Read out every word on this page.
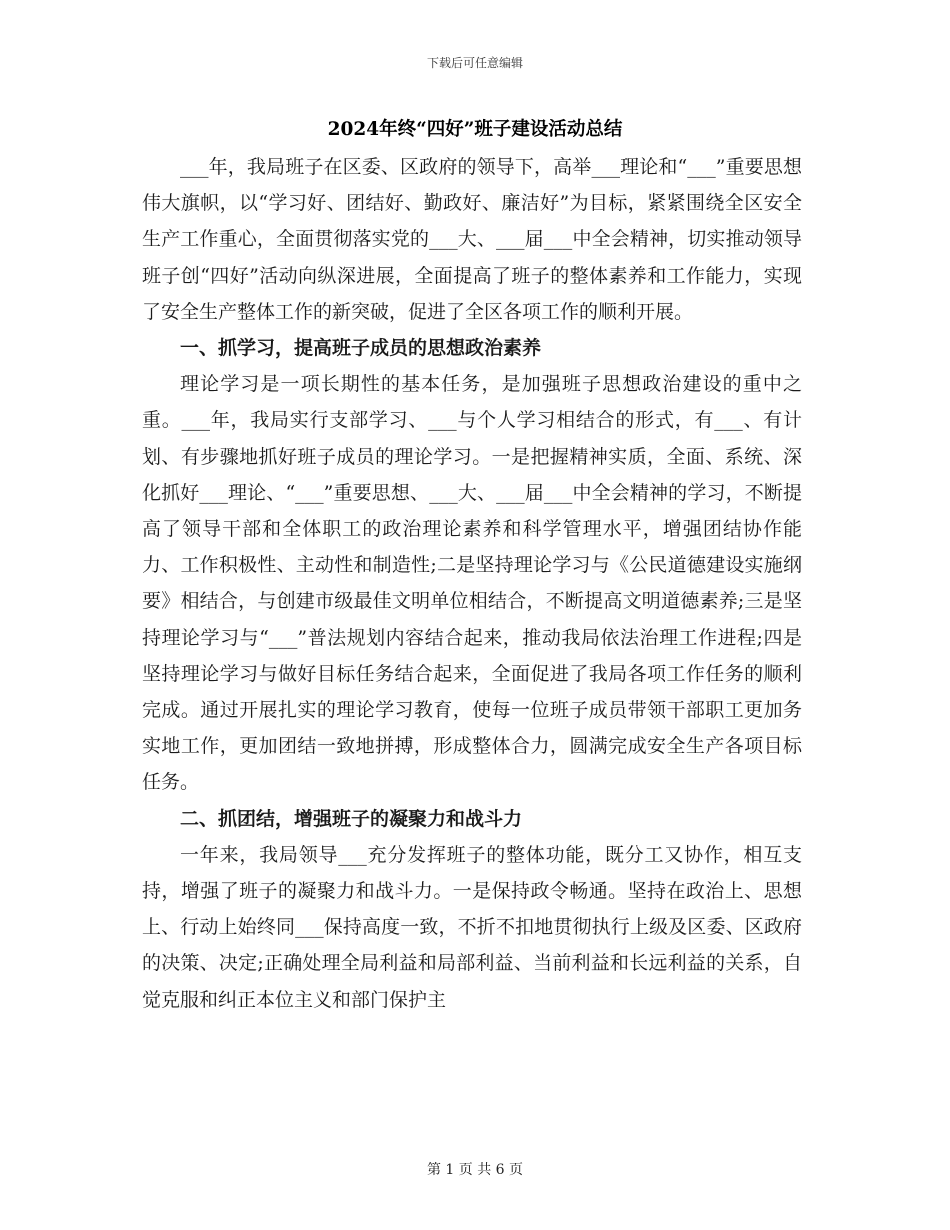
下载后可任意编辑
2024年终“四好”班子建设活动总结

___年，我局班子在区委、区政府的领导下，高举___理论和“___”重要思想伟大旗帜，以“学习好、团结好、勤政好、廉洁好”为目标，紧紧围绕全区安全生产工作重心，全面贯彻落实党的___大、___届___中全会精神，切实推动领导班子创“四好”活动向纵深进展，全面提高了班子的整体素养和工作能力，实现了安全生产整体工作的新突破，促进了全区各项工作的顺利开展。

一、抓学习，提高班子成员的思想政治素养

理论学习是一项长期性的基本任务，是加强班子思想政治建设的重中之重。___年，我局实行支部学习、___与个人学习相结合的形式，有___、有计划、有步骤地抓好班子成员的理论学习。一是把握精神实质，全面、系统、深化抓好___理论、“___”重要思想、___大、___届___中全会精神的学习，不断提高了领导干部和全体职工的政治理论素养和科学管理水平，增强团结协作能力、工作积极性、主动性和制造性;二是坚持理论学习与《公民道德建设实施纲要》相结合，与创建市级最佳文明单位相结合，不断提高文明道德素养;三是坚持理论学习与“___”普法规划内容结合起来，推动我局依法治理工作进程;四是坚持理论学习与做好目标任务结合起来，全面促进了我局各项工作任务的顺利完成。通过开展扎实的理论学习教育，使每一位班子成员带领干部职工更加务实地工作，更加团结一致地拼搏，形成整体合力，圆满完成安全生产各项目标任务。

二、抓团结，增强班子的凝聚力和战斗力

一年来，我局领导___充分发挥班子的整体功能，既分工又协作，相互支持，增强了班子的凝聚力和战斗力。一是保持政令畅通。坚持在政治上、思想上、行动上始终同___保持高度一致，不折不扣地贯彻执行上级及区委、区政府的决策、决定;正确处理全局利益和局部利益、当前利益和长远利益的关系，自觉克服和纠正本位主义和部门保护主

第 1 页 共 6 页
